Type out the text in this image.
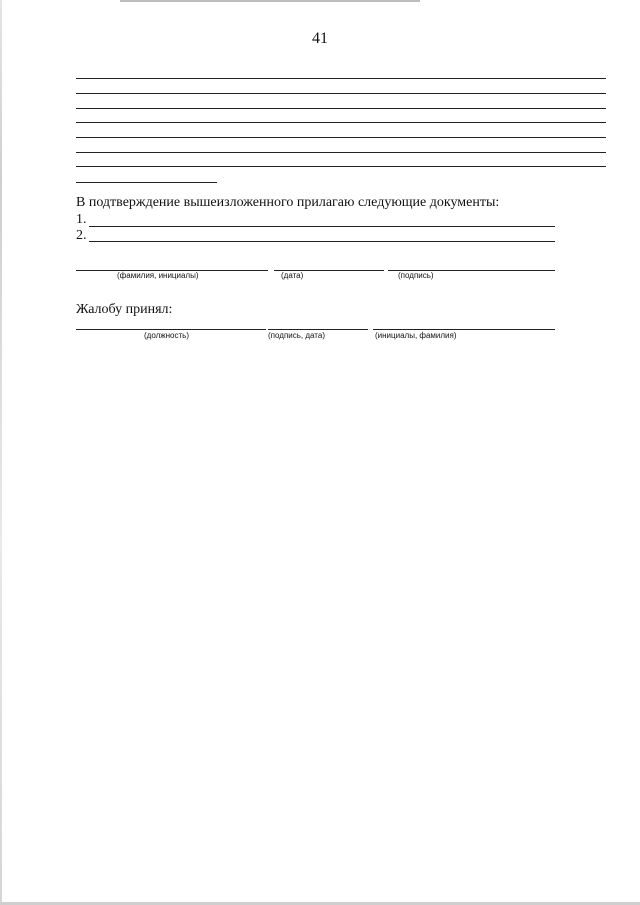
41
В подтверждение вышеизложенного прилагаю следующие документы:
1.
2.
(фамилия, инициалы)	(дата)	(подпись)
Жалобу принял:
(должность)	(подпись, дата)	(инициалы, фамилия)
